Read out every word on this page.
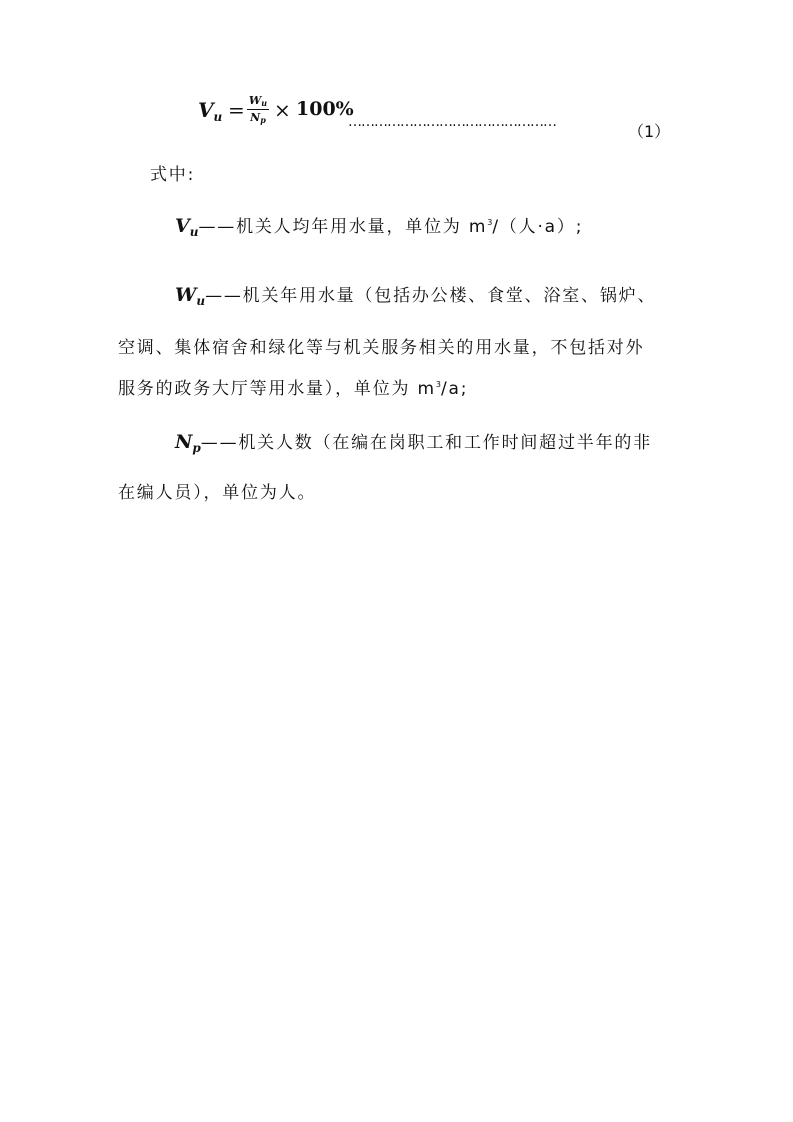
$V_u = Wu$
Np × 100%
…………………………………………	（1）
式中:
$V_u——$机关人均年用水量，单位为 $m^3/$（人·a）;
$W_u——$机关年用水量（包括办公楼、食堂、浴室、锅炉、
空调、集体宿舍和绿化等与机关服务相关的用水量，不包括对外
服务的政务大厅等用水量），单位为 $m^3/a$;
$N_p——$机关人数（在编在岗职工和工作时间超过半年的非
在编人员），单位为人。
